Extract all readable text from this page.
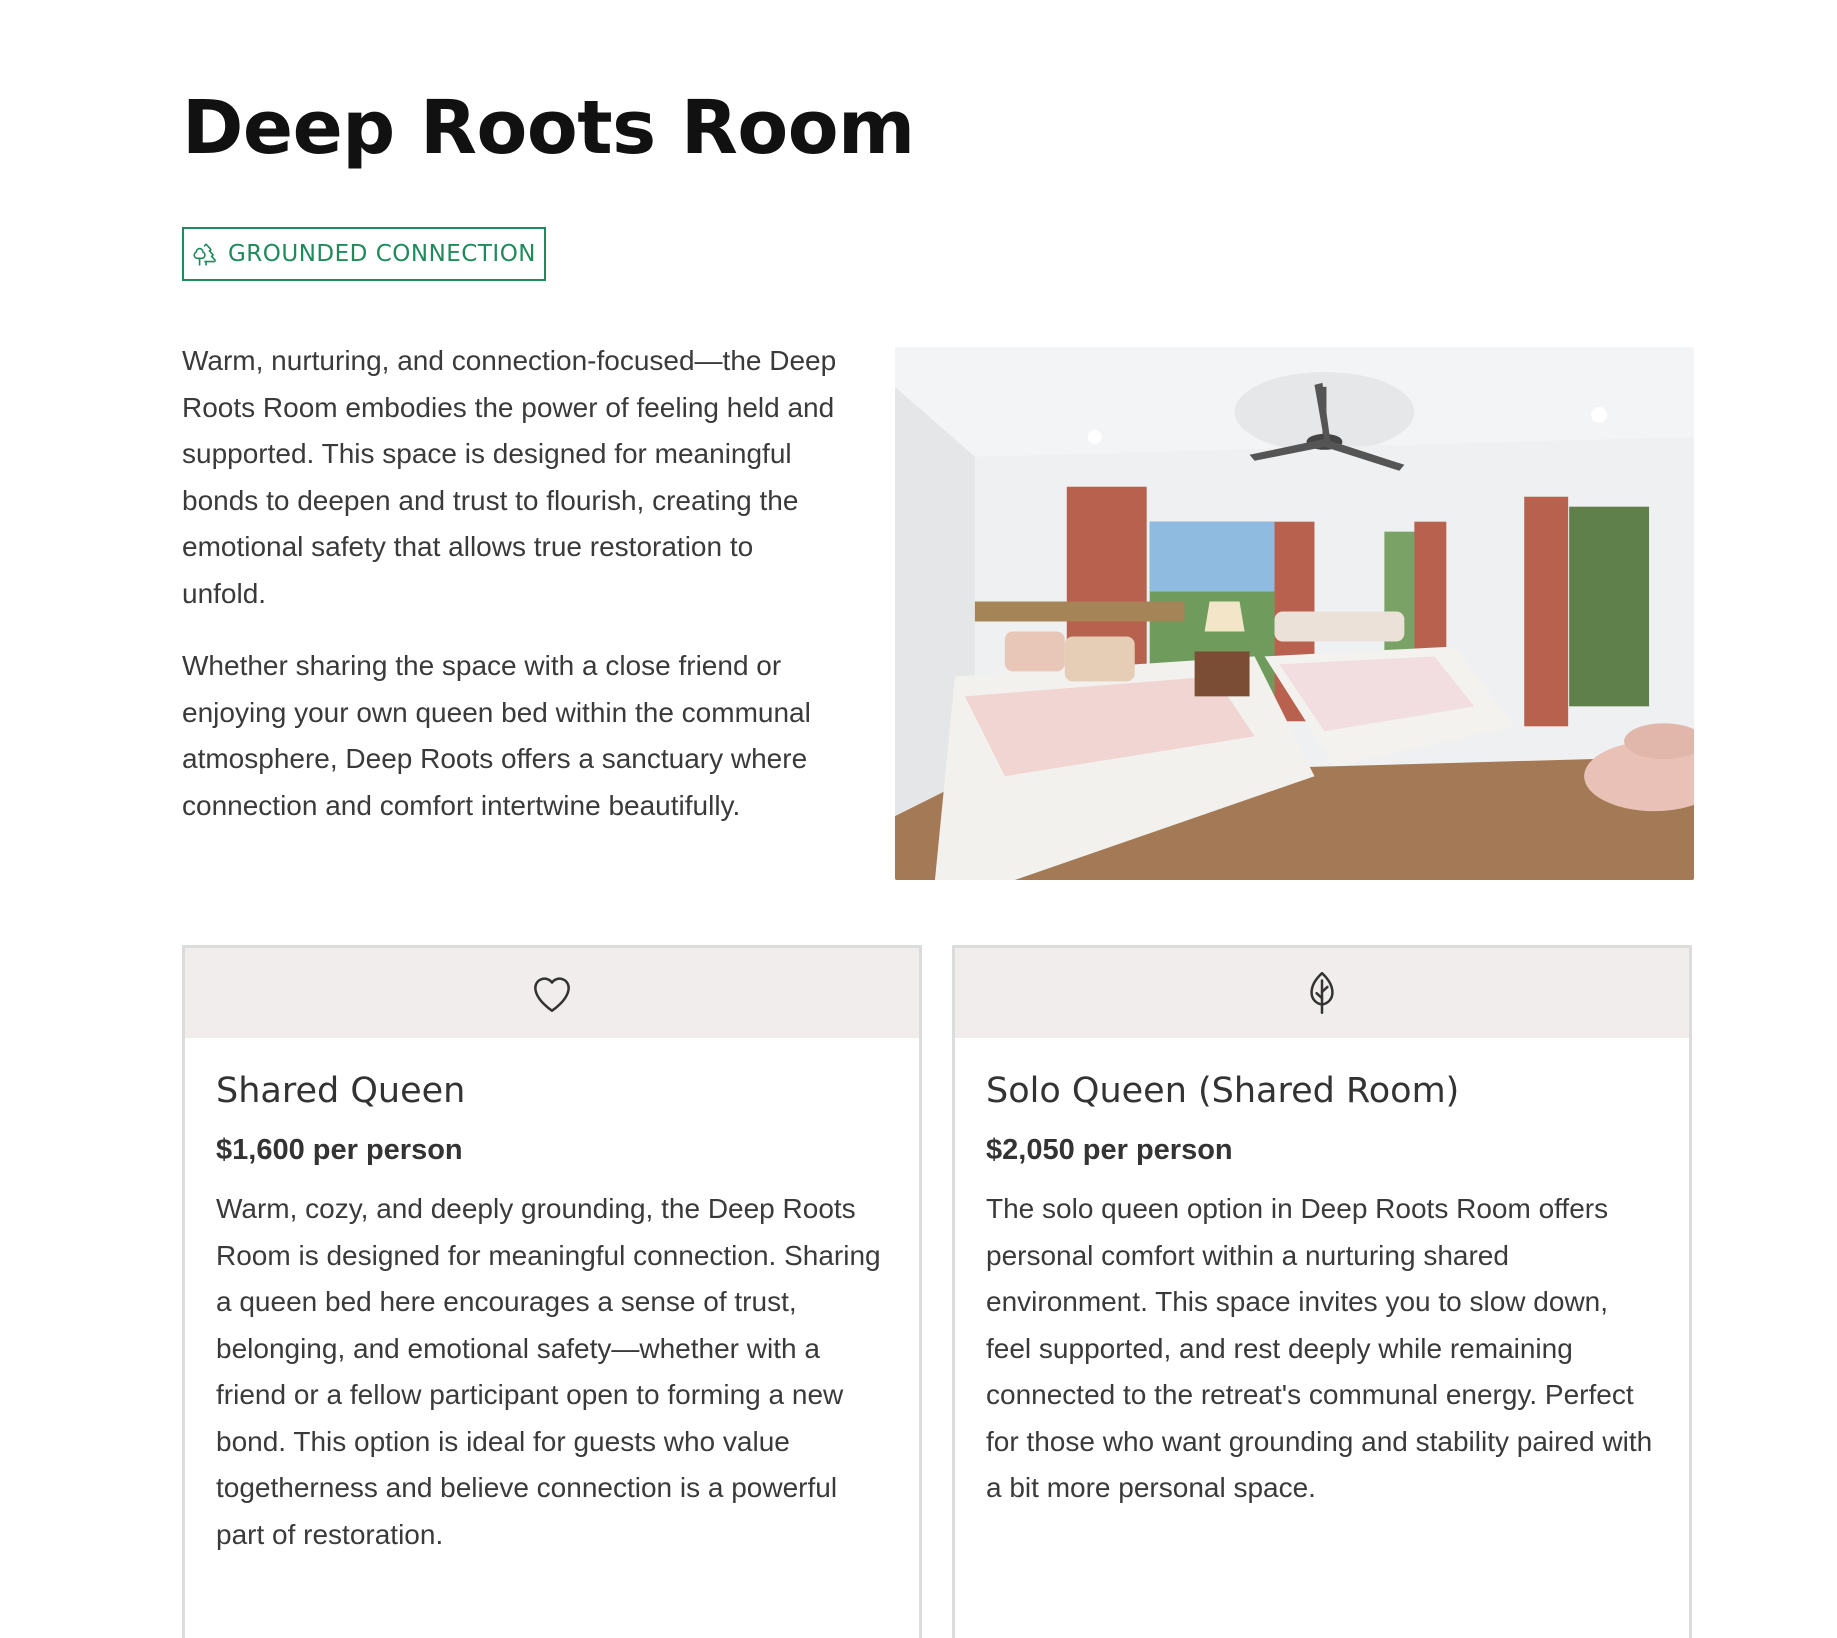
Deep Roots Room
GROUNDED CONNECTION

Warm, nurturing, and connection-focused—the Deep Roots Room embodies the power of feeling held and supported. This space is designed for meaningful bonds to deepen and trust to flourish, creating the emotional safety that allows true restoration to unfold.

Whether sharing the space with a close friend or enjoying your own queen bed within the communal atmosphere, Deep Roots offers a sanctuary where connection and comfort intertwine beautifully.

Shared Queen
$1,600 per person

Warm, cozy, and deeply grounding, the Deep Roots Room is designed for meaningful connection. Sharing a queen bed here encourages a sense of trust, belonging, and emotional safety—whether with a friend or a fellow participant open to forming a new bond. This option is ideal for guests who value togetherness and believe connection is a powerful part of restoration.

Solo Queen (Shared Room)
$2,050 per person

The solo queen option in Deep Roots Room offers personal comfort within a nurturing shared environment. This space invites you to slow down, feel supported, and rest deeply while remaining connected to the retreat's communal energy. Perfect for those who want grounding and stability paired with a bit more personal space.
